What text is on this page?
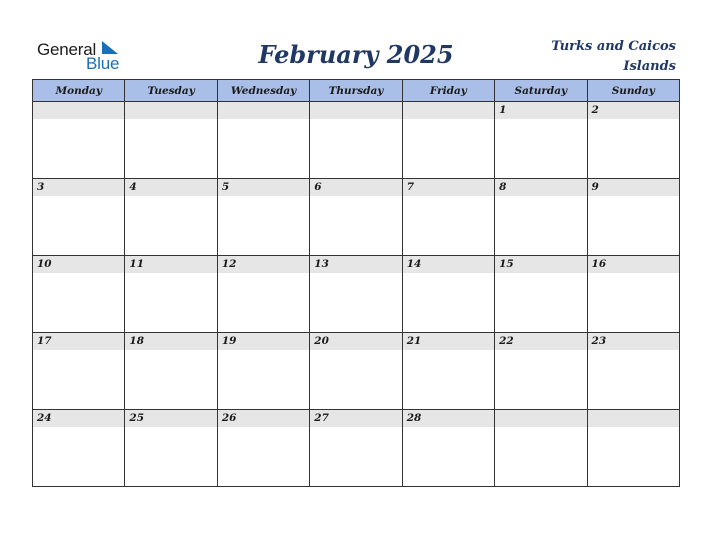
General
Blue	February 2025	Turks and Caicos Islands
Monday	Tuesday	Wednesday	Thursday	Friday	Saturday	Sunday

					1	2

3	4	5	6	7	8	9

10	11	12	13	14	15	16

17	18	19	20	21	22	23

24	25	26	27	28		
